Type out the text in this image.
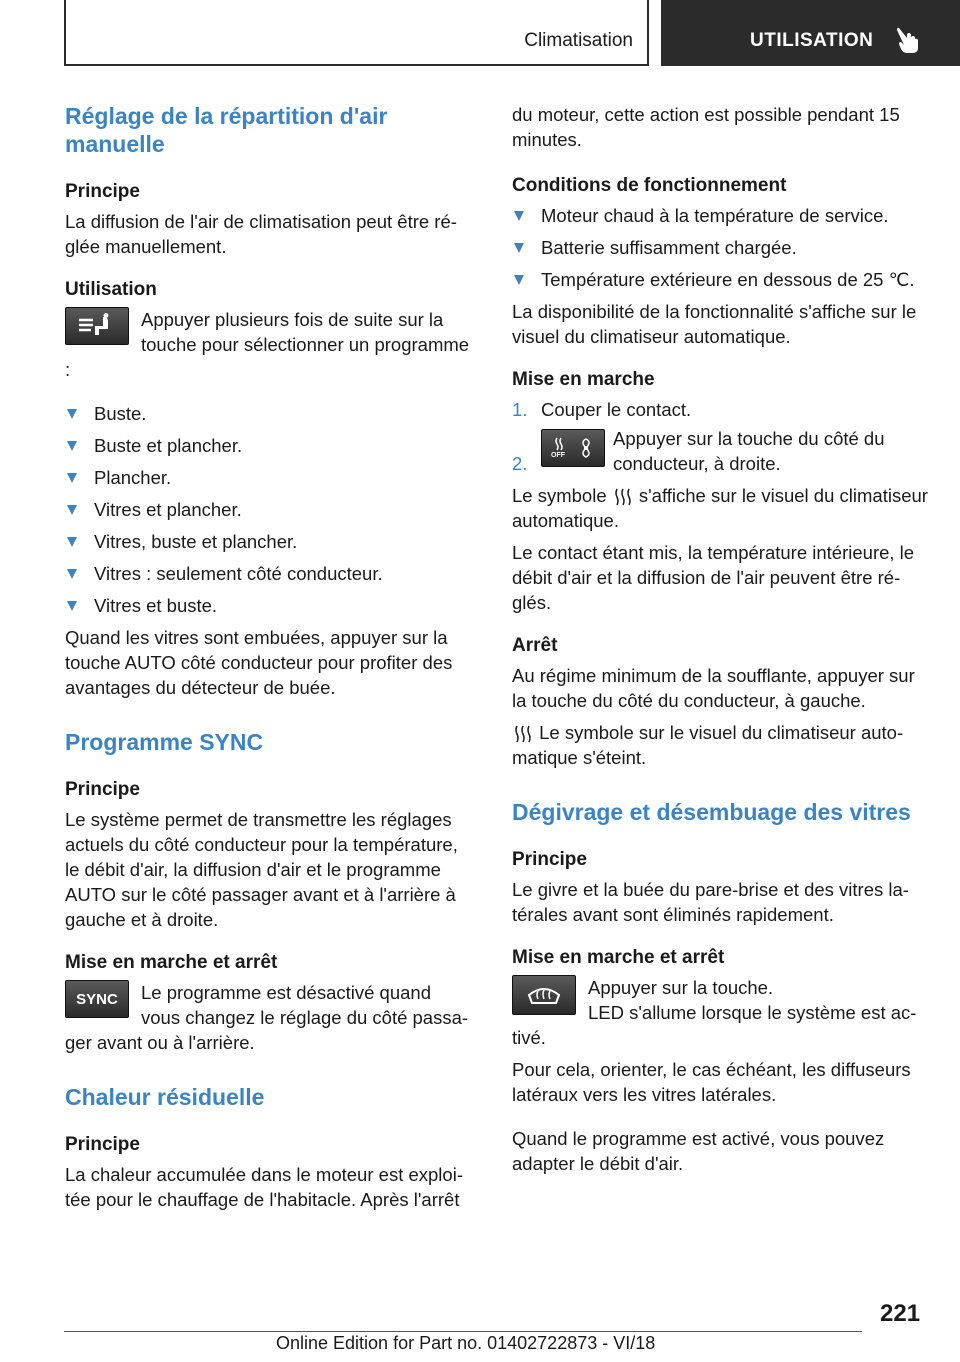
Climatisation	UTILISATION
Réglage de la répartition d'air manuelle
Principe
La diffusion de l'air de climatisation peut être réglée manuellement.
Utilisation
Appuyer plusieurs fois de suite sur la touche pour sélectionner un programme :
Buste.
Buste et plancher.
Plancher.
Vitres et plancher.
Vitres, buste et plancher.
Vitres : seulement côté conducteur.
Vitres et buste.
Quand les vitres sont embuées, appuyer sur la touche AUTO côté conducteur pour profiter des avantages du détecteur de buée.
Programme SYNC
Principe
Le système permet de transmettre les réglages actuels du côté conducteur pour la température, le débit d'air, la diffusion d'air et le programme AUTO sur le côté passager avant et à l'arrière à gauche et à droite.
Mise en marche et arrêt
SYNC	Le programme est désactivé quand vous changez le réglage du côté passager avant ou à l'arrière.
Chaleur résiduelle
Principe
La chaleur accumulée dans le moteur est exploitée pour le chauffage de l'habitacle. Après l'arrêt
du moteur, cette action est possible pendant 15 minutes.
Conditions de fonctionnement
Moteur chaud à la température de service.
Batterie suffisamment chargée.
Température extérieure en dessous de 25 ℃.
La disponibilité de la fonctionnalité s'affiche sur le visuel du climatiseur automatique.
Mise en marche
1. Couper le contact.
2.	OFF
Appuyer sur la touche du côté du conducteur, à droite.
Le symbole s'affiche sur le visuel du climatiseur automatique.
Le contact étant mis, la température intérieure, le débit d'air et la diffusion de l'air peuvent être réglés.
Arrêt
Au régime minimum de la soufflante, appuyer sur la touche du côté du conducteur, à gauche.
Le symbole sur le visuel du climatiseur automatique s'éteint.
Dégivrage et désembuage des vitres
Principe
Le givre et la buée du pare-brise et des vitres latérales avant sont éliminés rapidement.
Mise en marche et arrêt
Appuyer sur la touche.
LED s'allume lorsque le système est activé.
Pour cela, orienter, le cas échéant, les diffuseurs latéraux vers les vitres latérales.
Quand le programme est activé, vous pouvez adapter le débit d'air.
221
Online Edition for Part no. 01402722873 - VI/18
